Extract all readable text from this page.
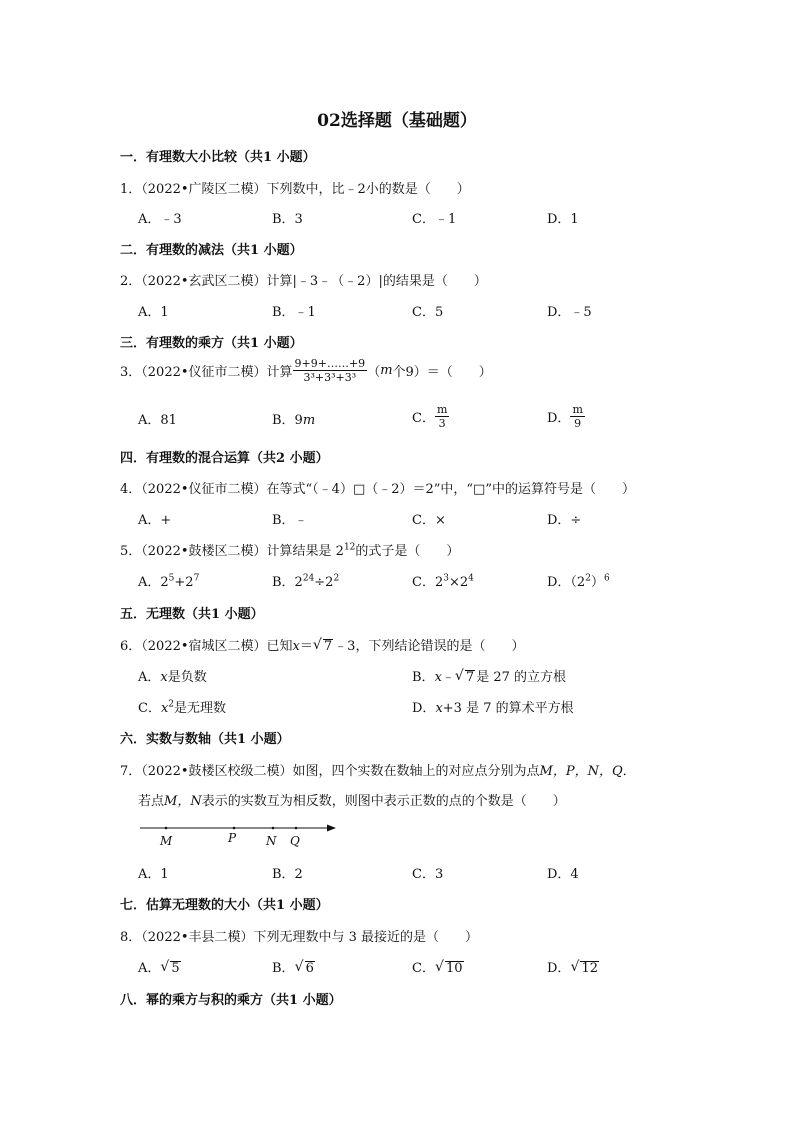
02选择题（基础题）
一．有理数大小比较（共1 小题）
1．（2022•广陵区二模）下列数中，比﹣2小的数是（　　）
A．﹣3	B．3	C．﹣1	D．1
二．有理数的减法（共1 小题）
2．（2022•玄武区二模）计算|﹣3﹣（﹣2）|的结果是（　　）
A．1	B．﹣1	C．5	D．﹣5
三．有理数的乘方（共1 小题）
3．（2022•仪征市二模）计算 $\frac{9+9+\dots\dots+9}{\text{3³+3³+3³}} (m$个9）＝（　　）
A．81	B．9m	C． $\frac{m}{3}$	D． $\frac{m}{9}$
四．有理数的混合运算（共2 小题）
4．（2022•仪征市二模）在等式“（﹣4）□（﹣2）＝2”中，“□”中的运算符号是（　　）
A．+	B．﹣	C．×	D．÷
5．（2022•鼓楼区二模）计算结果是 $2^{12}$的式子是（　　）
A．$2^5+2^7$	B．$2^{24}\div 2^2$	C．$2^3\times 2^4$	D．$(2^2)^6$
五．无理数（共1 小题）
6．（2022•宿城区二模）已知x＝ √ 7 ﹣3，下列结论错误的是（　　）
A．x是负数	B．x﹣ √ 7 是 27 的立方根
C．$x^2$是无理数	D．x+3 是 7 的算术平方根
六．实数与数轴（共1 小题）
7．（2022•鼓楼区校级二模）如图，四个实数在数轴上的对应点分别为点M，P，N，Q．
若点M，N表示的实数互为相反数，则图中表示正数的点的个数是（　　）
M	P N Q
A．1	B．2	C．3	D．4
七．估算无理数的大小（共1 小题）
8．（2022•丰县二模）下列无理数中与 3 最接近的是（　　）
A． √ 5	B． √ 6	C． √ 10	D． √ 12
八．幂的乘方与积的乘方（共1 小题）
